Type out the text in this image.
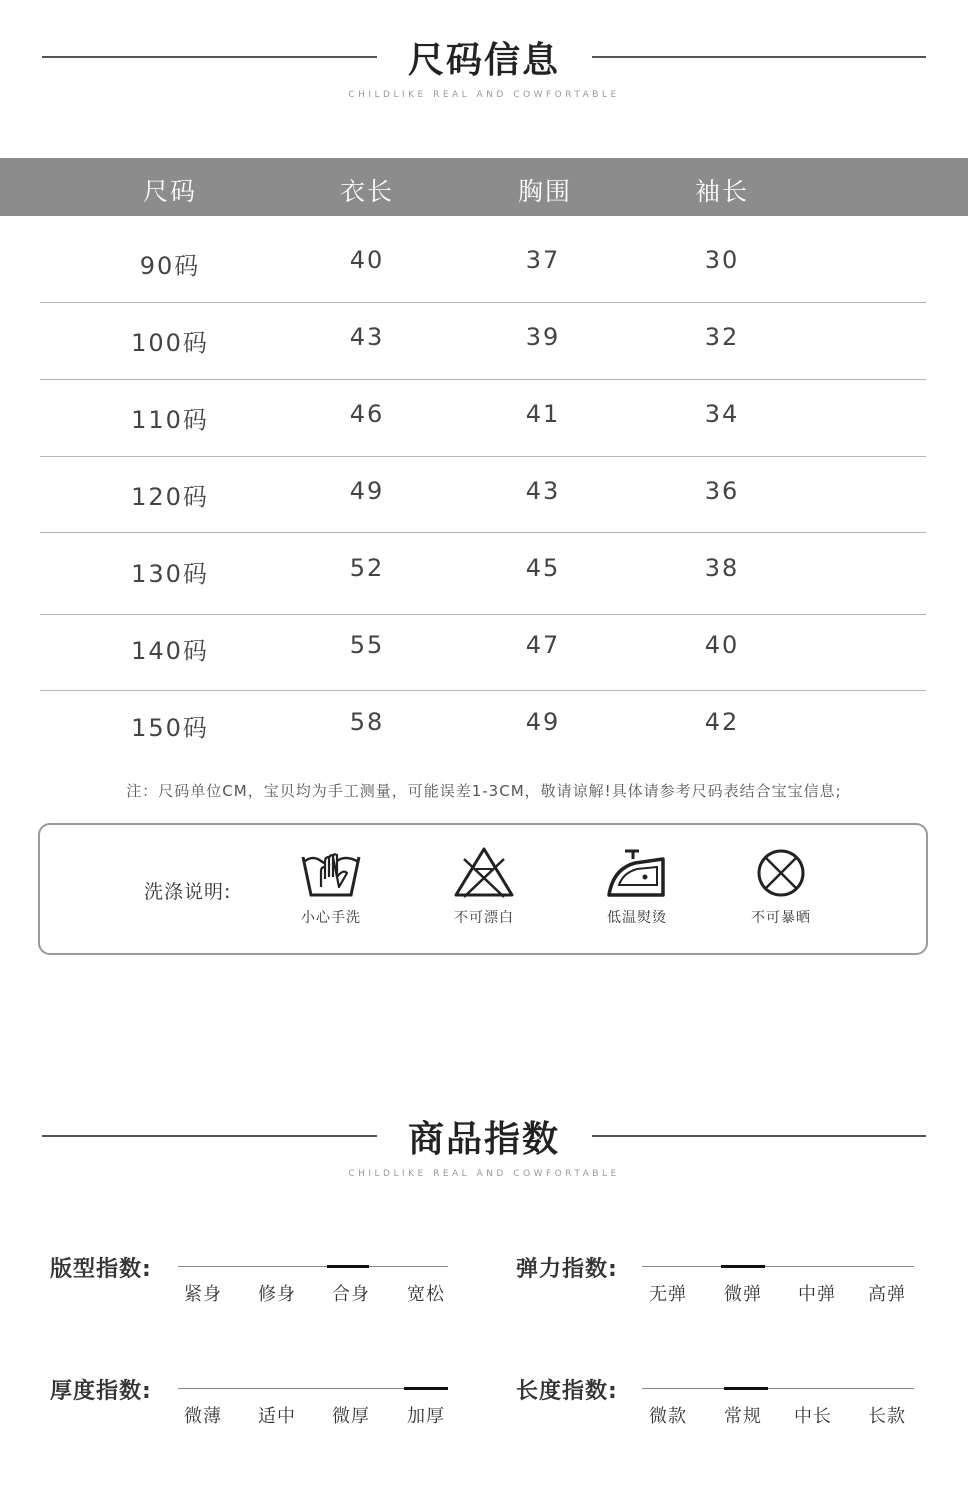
尺码信息
CHILDLIKE REAL AND COWFORTABLE
尺码	衣长	胸围	袖长
90码	40	37	30
100码	43	39	32
110码	46	41	34
120码	49	43	36
130码	52	45	38
140码	55	47	40
150码	58	49	42
注：尺码单位CM，宝贝均为手工测量，可能误差1-3CM，敬请谅解!具体请参考尺码表结合宝宝信息;
洗涤说明:
小心手洗	不可漂白	低温熨烫	不可暴晒
商品指数
CHILDLIKE REAL AND COWFORTABLE
版型指数:
紧身	修身	合身	宽松
弹力指数:
无弹	微弹	中弹	高弹
厚度指数:
微薄	适中	微厚	加厚
长度指数:
微款	常规	中长	长款
